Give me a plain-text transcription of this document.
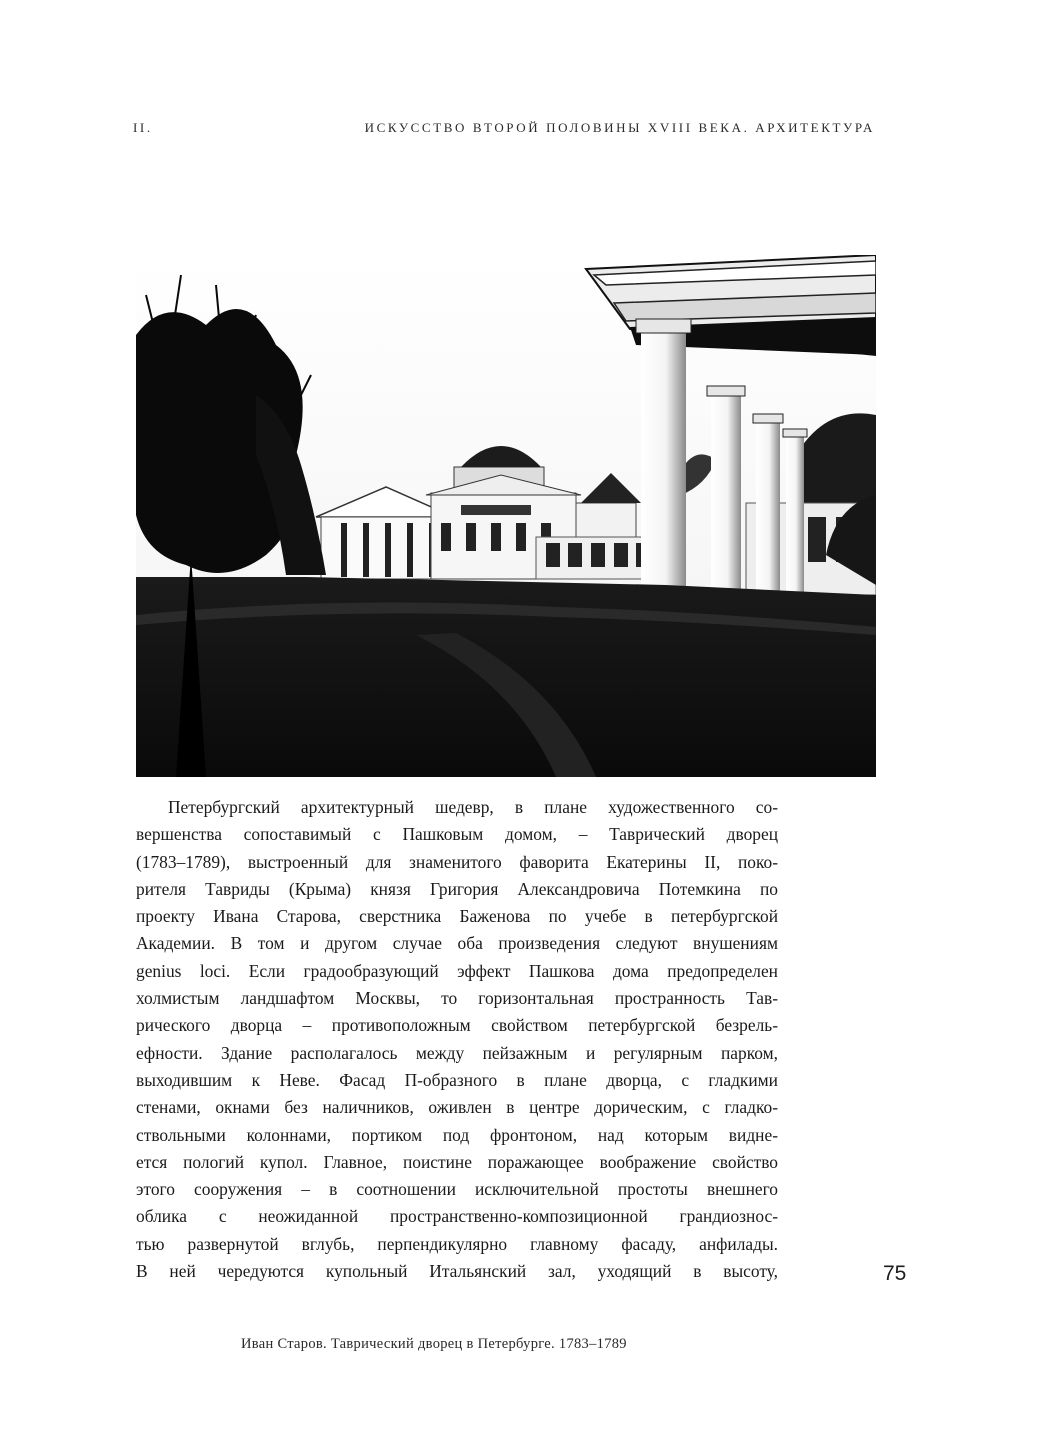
II.	ИСКУССТВО ВТОРОЙ ПОЛОВИНЫ XVIII ВЕКА. АРХИТЕКТУРА
Петербургский архитектурный шедевр, в плане художественного со-
вершенства сопоставимый с Пашковым домом, – Таврический дворец
(1783–1789), выстроенный для знаменитого фаворита Екатерины II, поко-
рителя Тавриды (Крыма) князя Григория Александровича Потемкина по
проекту Ивана Старова, сверстника Баженова по учебе в петербургской
Академии. В том и другом случае оба произведения следуют внушениям
genius loci. Если градообразующий эффект Пашкова дома предопределен
холмистым ландшафтом Москвы, то горизонтальная пространность Тав-
рического дворца – противоположным свойством петербургской безрель-
ефности. Здание располагалось между пейзажным и регулярным парком,
выходившим к Неве. Фасад П-образного в плане дворца, с гладкими
стенами, окнами без наличников, оживлен в центре дорическим, с гладко-
ствольными колоннами, портиком под фронтоном, над которым видне-
ется пологий купол. Главное, поистине поражающее воображение свойство
этого сооружения – в соотношении исключительной простоты внешнего
облика с неожиданной пространственно-композиционной грандиознос-
тью развернутой вглубь, перпендикулярно главному фасаду, анфилады.
В ней чередуются купольный Итальянский зал, уходящий в высоту,	75
Иван Старов. Таврический дворец в Петербурге. 1783–1789
